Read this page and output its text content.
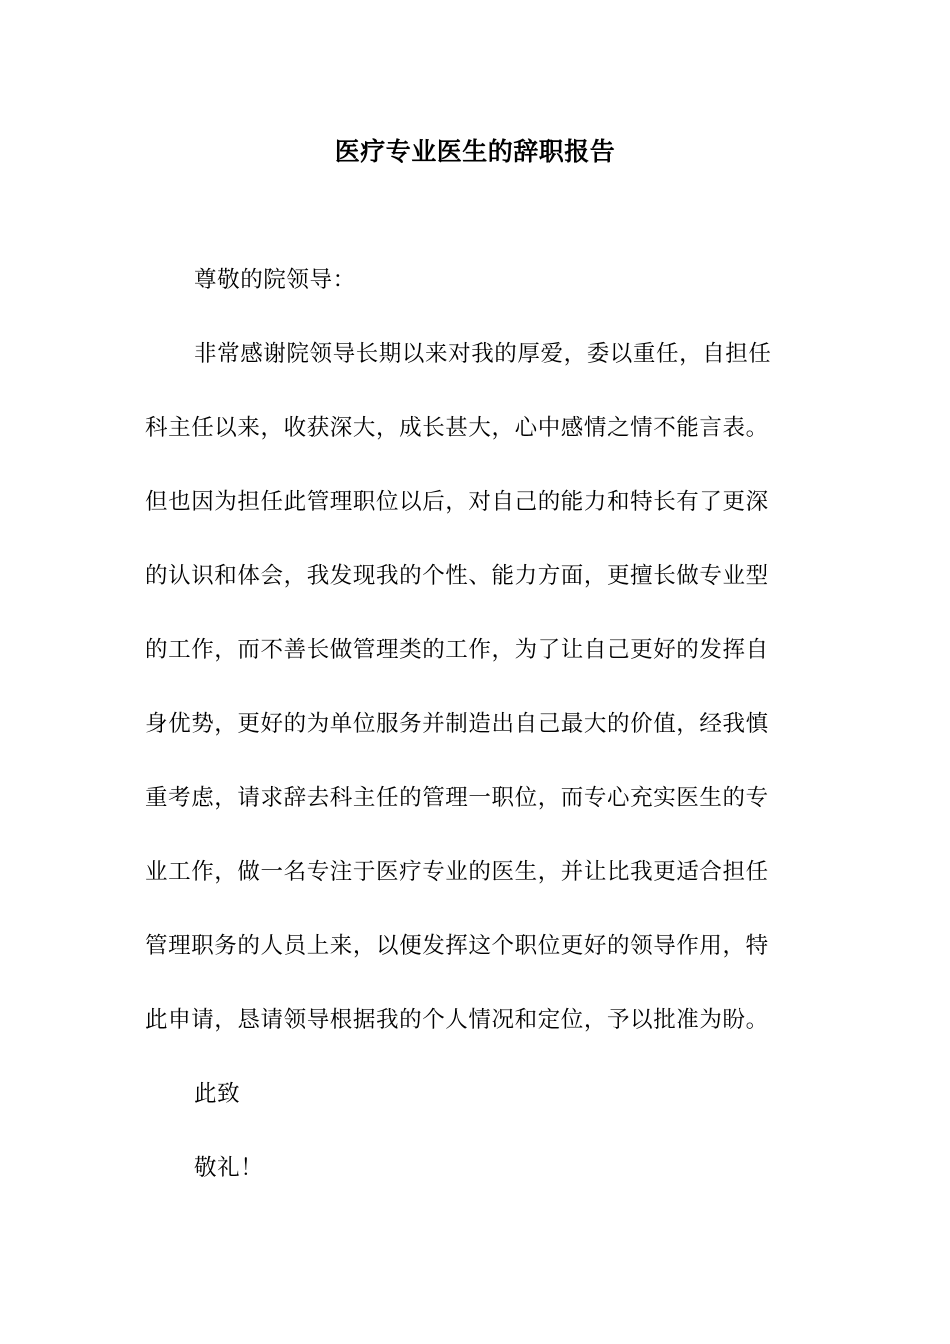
医疗专业医生的辞职报告
尊敬的院领导：
非常感谢院领导长期以来对我的厚爱，委以重任，自担任
科主任以来，收获深大，成长甚大，心中感情之情不能言表。
但也因为担任此管理职位以后，对自己的能力和特长有了更深
的认识和体会，我发现我的个性、能力方面，更擅长做专业型
的工作，而不善长做管理类的工作，为了让自己更好的发挥自
身优势，更好的为单位服务并制造出自己最大的价值，经我慎
重考虑，请求辞去科主任的管理一职位，而专心充实医生的专
业工作，做一名专注于医疗专业的医生，并让比我更适合担任
管理职务的人员上来，以便发挥这个职位更好的领导作用，特
此申请，恳请领导根据我的个人情况和定位，予以批准为盼。
此致
敬礼！
